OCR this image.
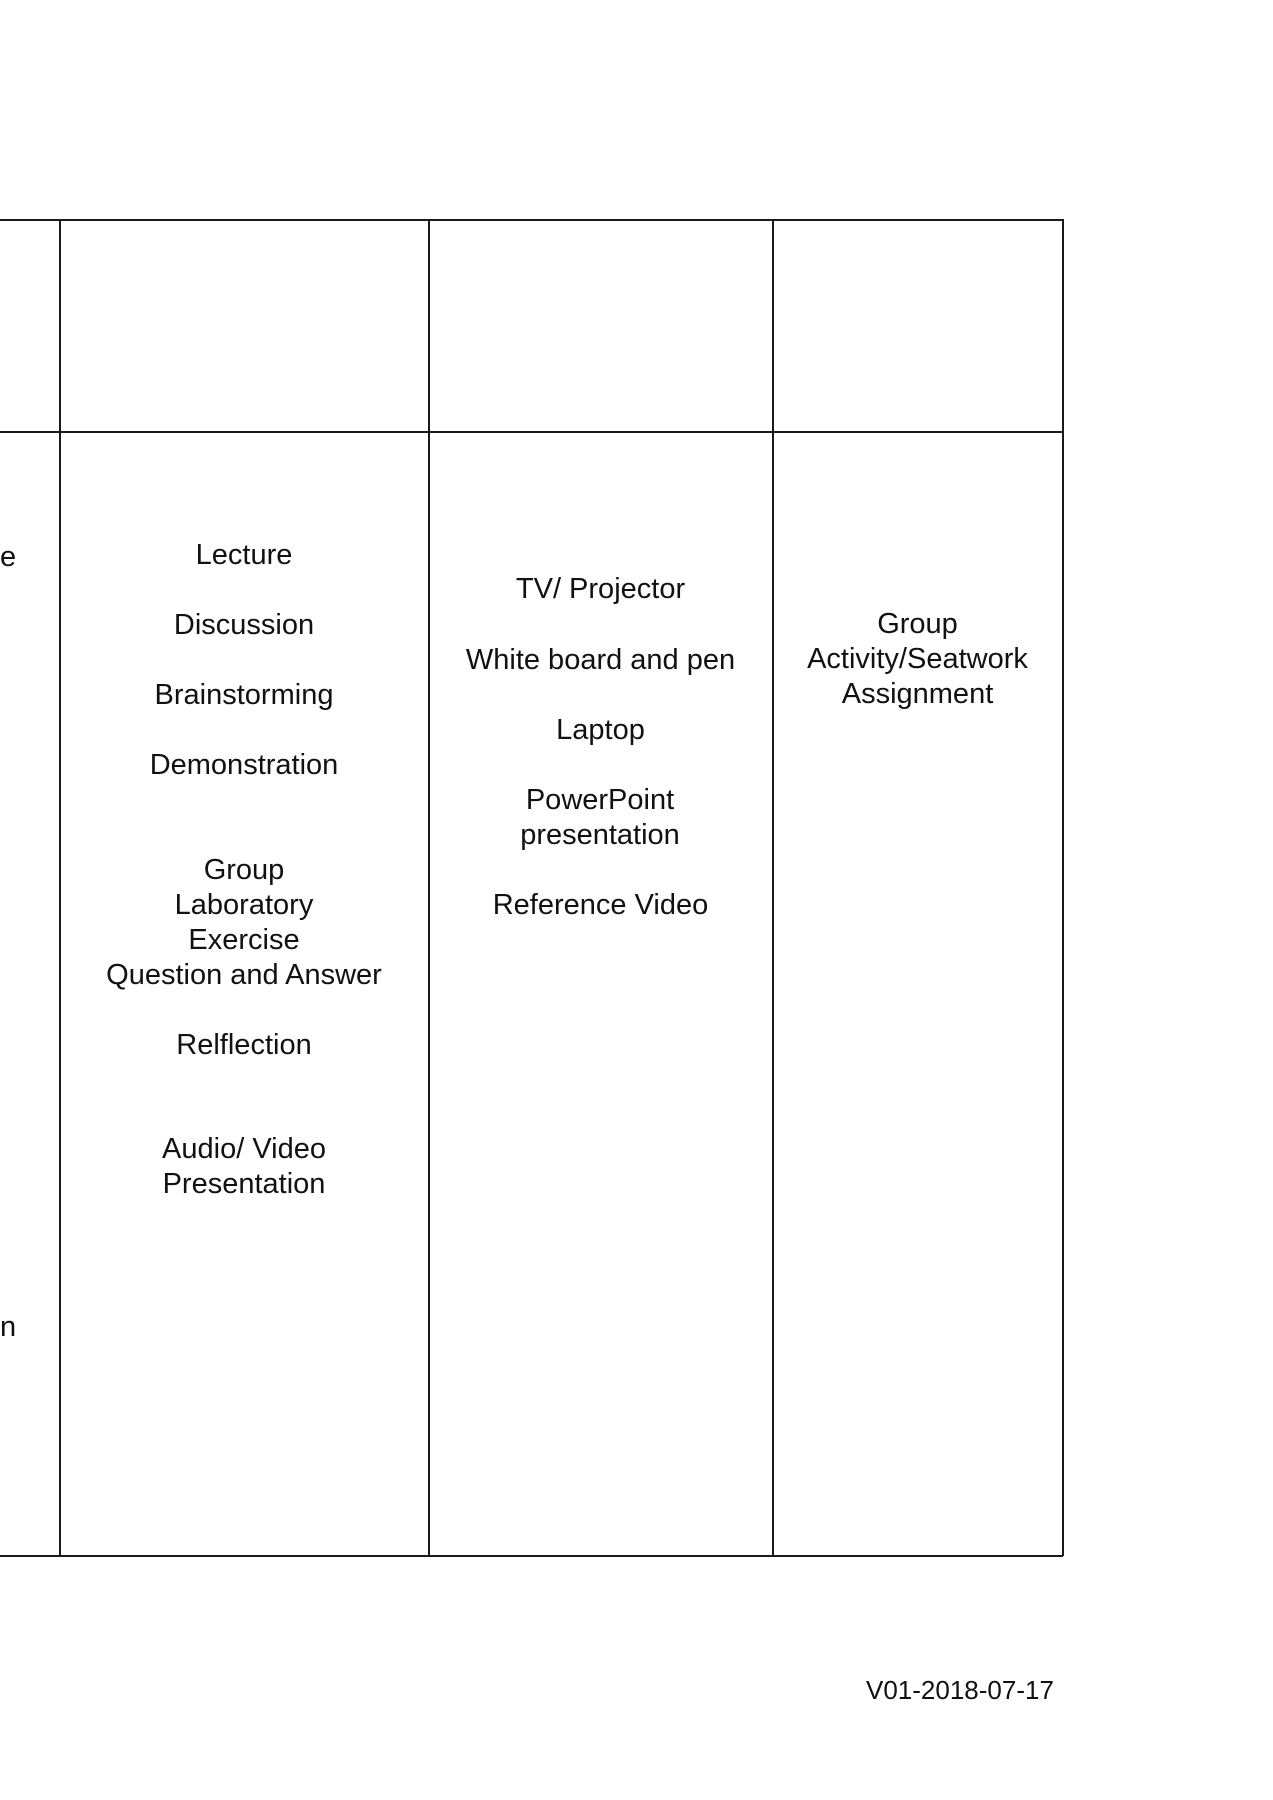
e
n
Lecture
Discussion
Brainstorming
Demonstration
Group Laboratory Exercise
Question and Answer
Relflection
Audio/ Video Presentation
TV/ Projector
White board and pen
Laptop
PowerPoint presentation
Reference Video
Group Activity/Seatwork Assignment
V01-2018-07-17
